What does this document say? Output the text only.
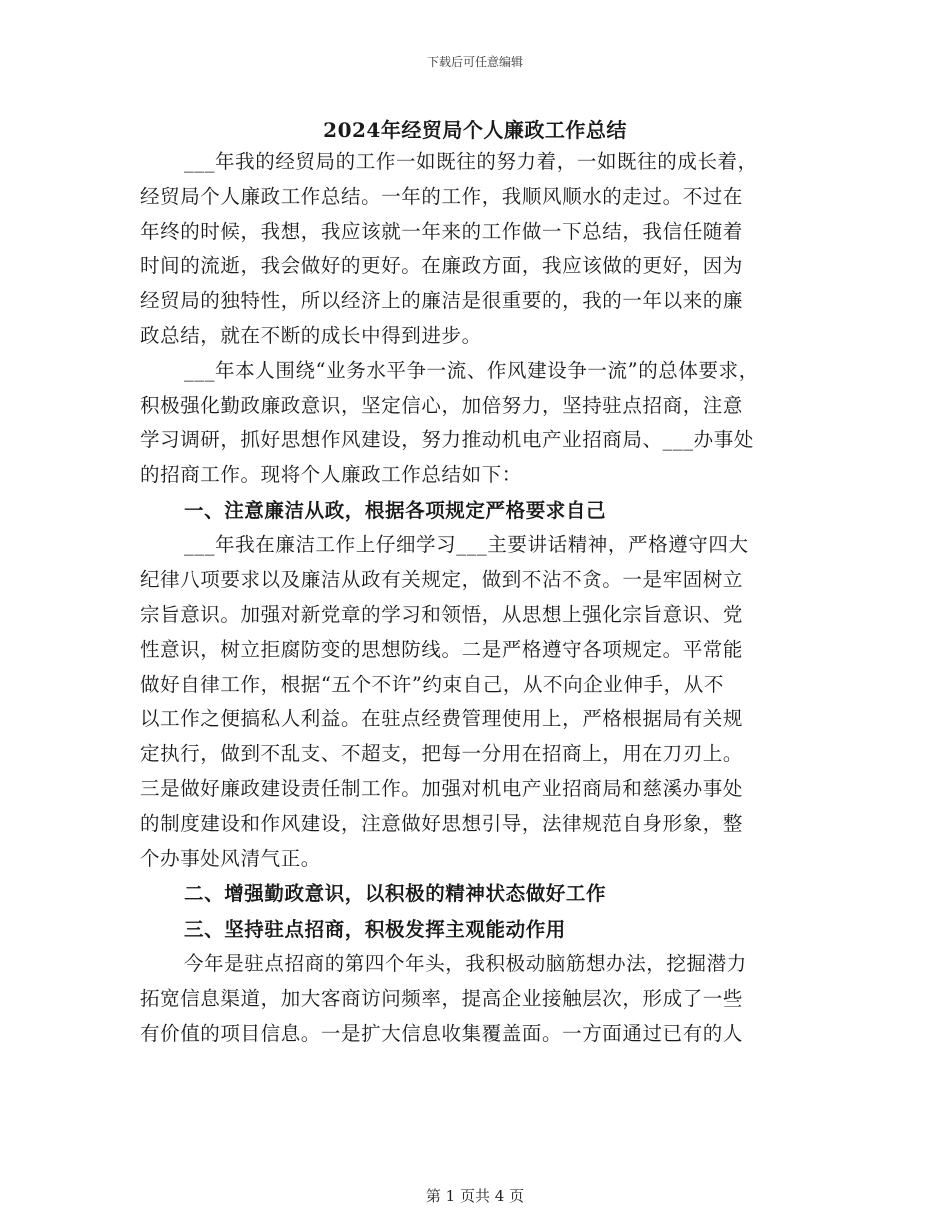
下载后可任意编辑
2024年经贸局个人廉政工作总结
___年我的经贸局的工作一如既往的努力着，一如既往的成长着，
经贸局个人廉政工作总结。一年的工作，我顺风顺水的走过。不过在
年终的时候，我想，我应该就一年来的工作做一下总结，我信任随着
时间的流逝，我会做好的更好。在廉政方面，我应该做的更好，因为
经贸局的独特性，所以经济上的廉洁是很重要的，我的一年以来的廉
政总结，就在不断的成长中得到进步。
___年本人围绕“业务水平争一流、作风建设争一流”的总体要求，
积极强化勤政廉政意识，坚定信心，加倍努力，坚持驻点招商，注意
学习调研，抓好思想作风建设，努力推动机电产业招商局、___办事处
的招商工作。现将个人廉政工作总结如下：
一、注意廉洁从政，根据各项规定严格要求自己
___年我在廉洁工作上仔细学习___主要讲话精神，严格遵守四大
纪律八项要求以及廉洁从政有关规定，做到不沾不贪。一是牢固树立
宗旨意识。加强对新党章的学习和领悟，从思想上强化宗旨意识、党
性意识，树立拒腐防变的思想防线。二是严格遵守各项规定。平常能
做好自律工作，根据“五个不许”约束自己，从不向企业伸手，从不
以工作之便搞私人利益。在驻点经费管理使用上，严格根据局有关规
定执行，做到不乱支、不超支，把每一分用在招商上，用在刀刃上。
三是做好廉政建设责任制工作。加强对机电产业招商局和慈溪办事处
的制度建设和作风建设，注意做好思想引导，法律规范自身形象，整
个办事处风清气正。
二、增强勤政意识，以积极的精神状态做好工作
三、坚持驻点招商，积极发挥主观能动作用
今年是驻点招商的第四个年头，我积极动脑筋想办法，挖掘潜力
拓宽信息渠道，加大客商访问频率，提高企业接触层次，形成了一些
有价值的项目信息。一是扩大信息收集覆盖面。一方面通过已有的人
第 1 页共 4 页
